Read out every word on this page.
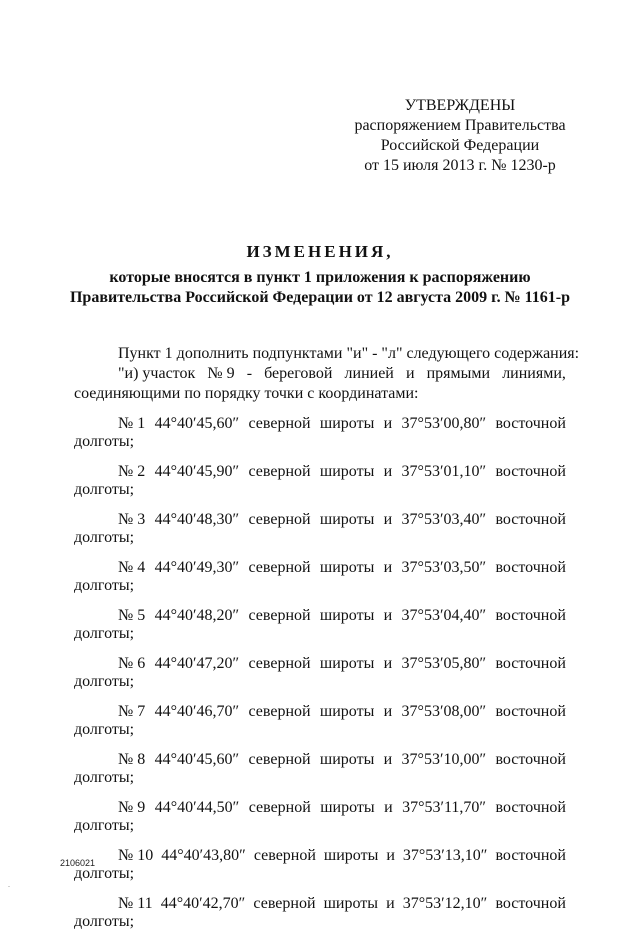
УТВЕРЖДЕНЫ
распоряжением Правительства
Российской Федерации
от 15 июля 2013 г. № 1230-р
ИЗМЕНЕНИЯ,
которые вносятся в пункт 1 приложения к распоряжению
Правительства Российской Федерации от 12 августа 2009 г. № 1161-р
Пункт 1 дополнить подпунктами "и" - "л" следующего содержания:
"и) участок № 9 - береговой линией и прямыми линиями,
соединяющими по порядку точки с координатами:
№ 1 44°40′45,60″ северной широты и 37°53′00,80″ восточной
долготы;
№ 2 44°40′45,90″ северной широты и 37°53′01,10″ восточной
долготы;
№ 3 44°40′48,30″ северной широты и 37°53′03,40″ восточной
долготы;
№ 4 44°40′49,30″ северной широты и 37°53′03,50″ восточной
долготы;
№ 5 44°40′48,20″ северной широты и 37°53′04,40″ восточной
долготы;
№ 6 44°40′47,20″ северной широты и 37°53′05,80″ восточной
долготы;
№ 7 44°40′46,70″ северной широты и 37°53′08,00″ восточной
долготы;
№ 8 44°40′45,60″ северной широты и 37°53′10,00″ восточной
долготы;
№ 9 44°40′44,50″ северной широты и 37°53′11,70″ восточной
долготы;
№ 10 44°40′43,80″ северной широты и 37°53′13,10″ восточной
долготы;
№ 11 44°40′42,70″ северной широты и 37°53′12,10″ восточной
долготы;
2106021
.
